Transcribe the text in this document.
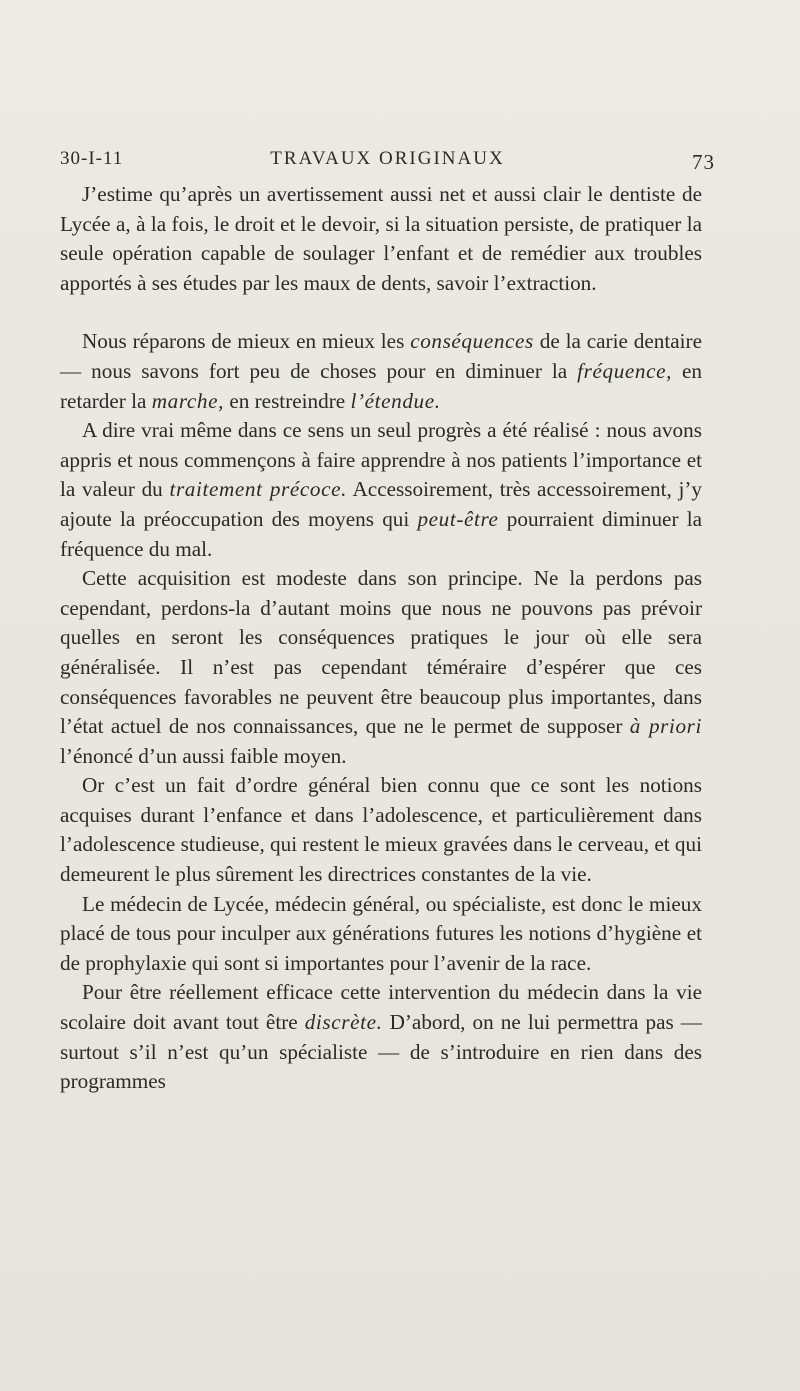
30-I-11	TRAVAUX ORIGINAUX	73

J’estime qu’après un avertissement aussi net et aussi clair le dentiste de Lycée a, à la fois, le droit et le devoir, si la situation persiste, de pratiquer la seule opération capable de soulager l’enfant et de remédier aux troubles apportés à ses études par les maux de dents, savoir l’extraction.

Nous réparons de mieux en mieux les conséquences de la carie dentaire — nous savons fort peu de choses pour en diminuer la fréquence, en retarder la marche, en restreindre l’étendue.

A dire vrai même dans ce sens un seul progrès a été réalisé : nous avons appris et nous commençons à faire apprendre à nos patients l’importance et la valeur du traitement précoce. Accessoirement, très accessoirement, j’y ajoute la préoccupation des moyens qui peut-être pourraient diminuer la fréquence du mal.

Cette acquisition est modeste dans son principe. Ne la perdons pas cependant, perdons-la d’autant moins que nous ne pouvons pas prévoir quelles en seront les conséquences pratiques le jour où elle sera généralisée. Il n’est pas cependant téméraire d’espérer que ces conséquences favorables ne peuvent être beaucoup plus importantes, dans l’état actuel de nos connaissances, que ne le permet de supposer à priori l’énoncé d’un aussi faible moyen.

Or c’est un fait d’ordre général bien connu que ce sont les notions acquises durant l’enfance et dans l’adolescence, et particulièrement dans l’adolescence studieuse, qui restent le mieux gravées dans le cerveau, et qui demeurent le plus sûrement les directrices constantes de la vie.

Le médecin de Lycée, médecin général, ou spécialiste, est donc le mieux placé de tous pour inculper aux générations futures les notions d’hygiène et de prophylaxie qui sont si importantes pour l’avenir de la race.

Pour être réellement efficace cette intervention du médecin dans la vie scolaire doit avant tout être discrète. D’abord, on ne lui permettra pas — surtout s’il n’est qu’un spécialiste — de s’introduire en rien dans des programmes
